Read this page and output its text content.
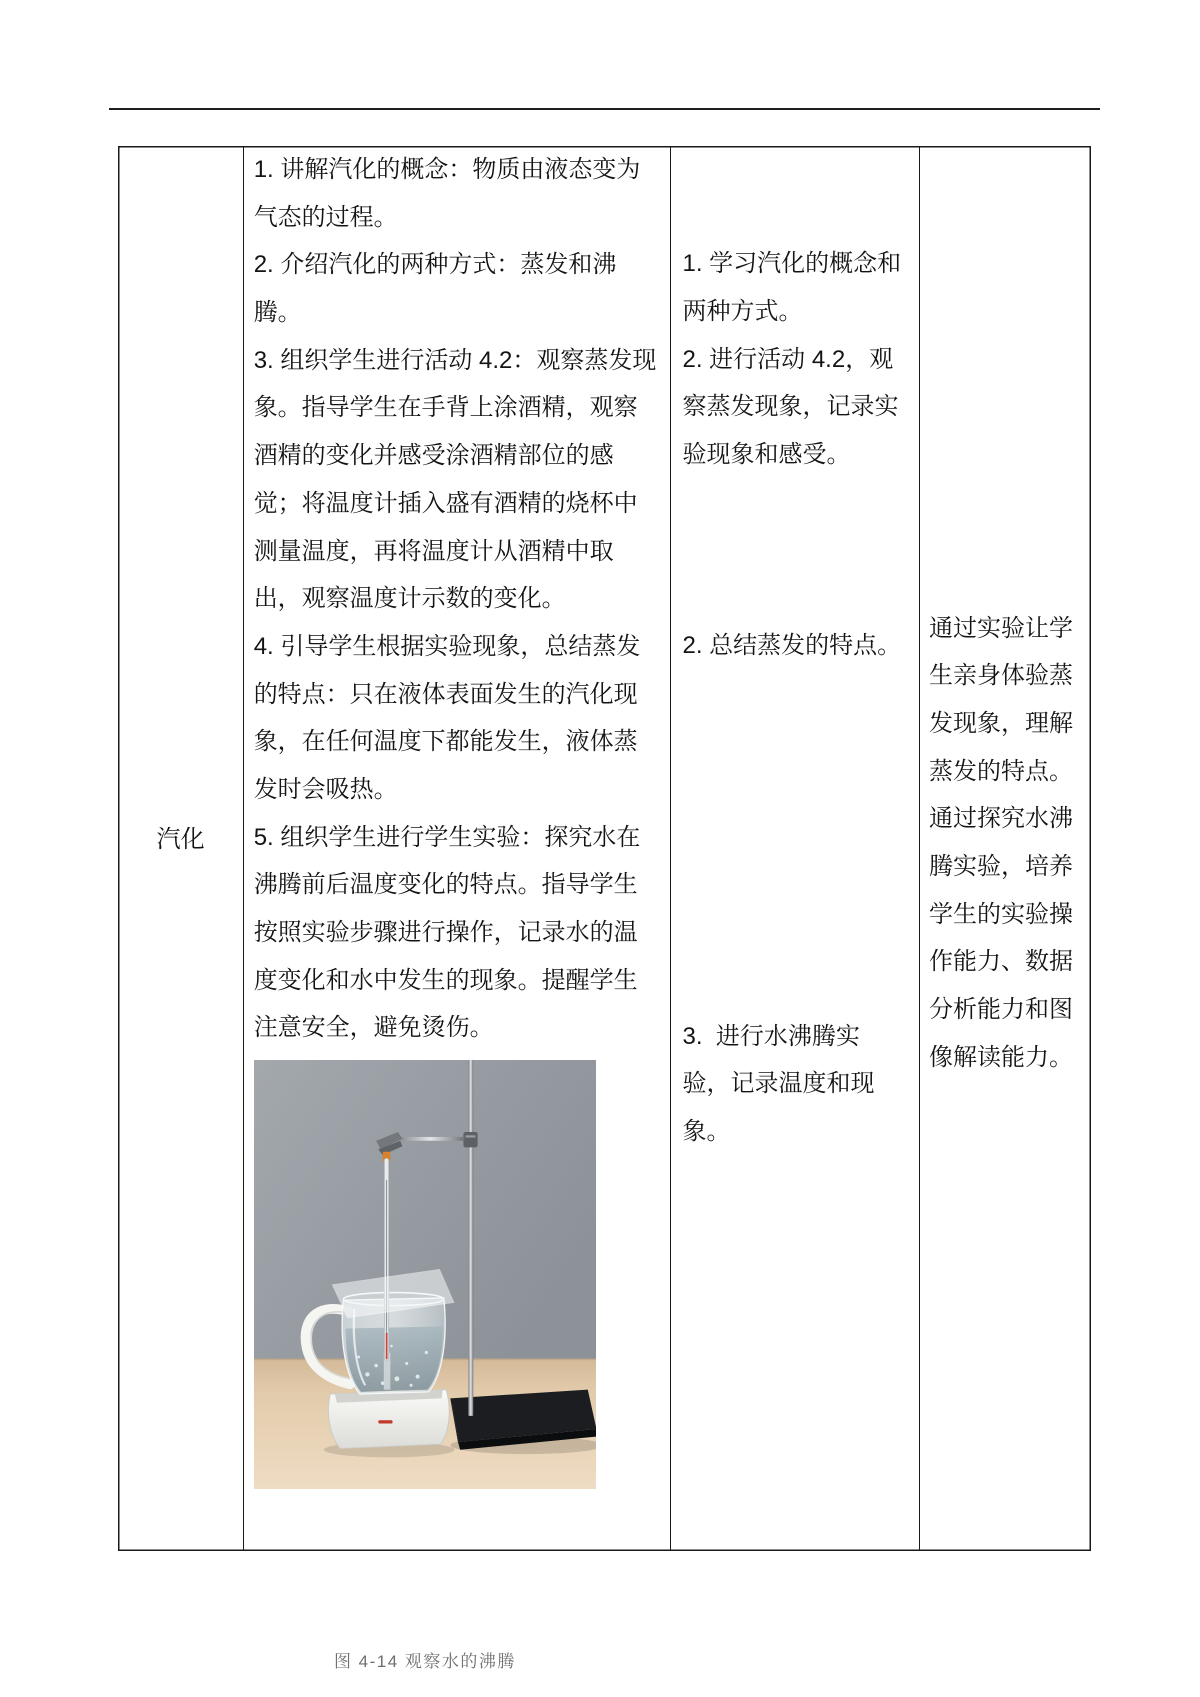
汽化
1. 讲解汽化的概念：物质由液态变为
气态的过程。
2. 介绍汽化的两种方式：蒸发和沸
腾。
3. 组织学生进行活动 4.2：观察蒸发现
象。指导学生在手背上涂酒精，观察
酒精的变化并感受涂酒精部位的感
觉；将温度计插入盛有酒精的烧杯中
测量温度，再将温度计从酒精中取
出，观察温度计示数的变化。
4. 引导学生根据实验现象，总结蒸发
的特点：只在液体表面发生的汽化现
象，在任何温度下都能发生，液体蒸
发时会吸热。
5. 组织学生进行学生实验：探究水在
沸腾前后温度变化的特点。指导学生
按照实验步骤进行操作，记录水的温
度变化和水中发生的现象。提醒学生
注意安全，避免烫伤。
图 4-14 观察水的沸腾
1. 学习汽化的概念和
两种方式。
2. 进行活动 4.2，观
察蒸发现象，记录实
验现象和感受。
2. 总结蒸发的特点。
3.  进行水沸腾实
验，记录温度和现
象。
通过实验让学
生亲身体验蒸
发现象，理解
蒸发的特点。
通过探究水沸
腾实验，培养
学生的实验操
作能力、数据
分析能力和图
像解读能力。
